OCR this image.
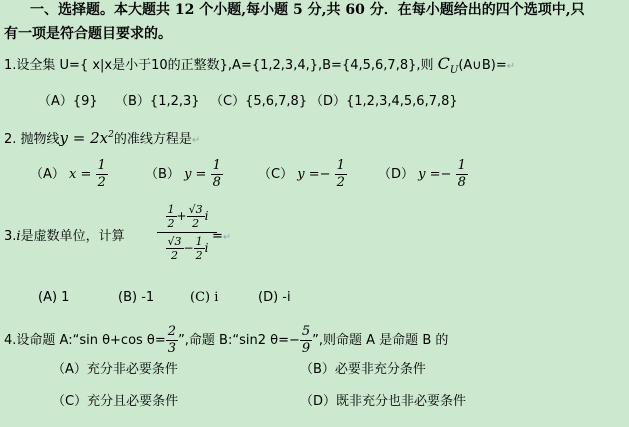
一、选择题。本大题共 12 个小题,每小题 5 分,共 60 分．在每小题给出的四个选项中,只
有一项是符合题目要求的。
1.设全集 U={ x|x是小于10的正整数},A={1,2,3,4,},B={4,5,6,7,8},则 $C_U(A\cup B)=↵$
（A）{9} （B）{1,2,3} （C）{5,6,7,8} （D）{1,2,3,4,5,6,7,8}
2. 抛物线$y = 2x^2$的准线方程是↵
（A） $x = \frac{1}{2}$	（B） $y = \frac{1}{8}$	（C） $y =- \frac{1}{2} (D) y =- \frac{1}{8}$
3.i是虚数单位，计算	$\frac{\frac{1}{2} + \frac{√3}{2} i}{\frac{√3}{2} - \frac{1}{2} i}$
=↵
(A) 1	(B) -1	(C) i	(D) -i
4.设命题 A:“sin θ+cos $\theta= \frac{2}{3}$ ”,命题 B:“sin2 $\theta=- \frac{5}{9}$ ”,则命题 A 是命题 B 的
（A）充分非必要条件	（B）必要非充分条件
（C）充分且必要条件	（D）既非充分也非必要条件
